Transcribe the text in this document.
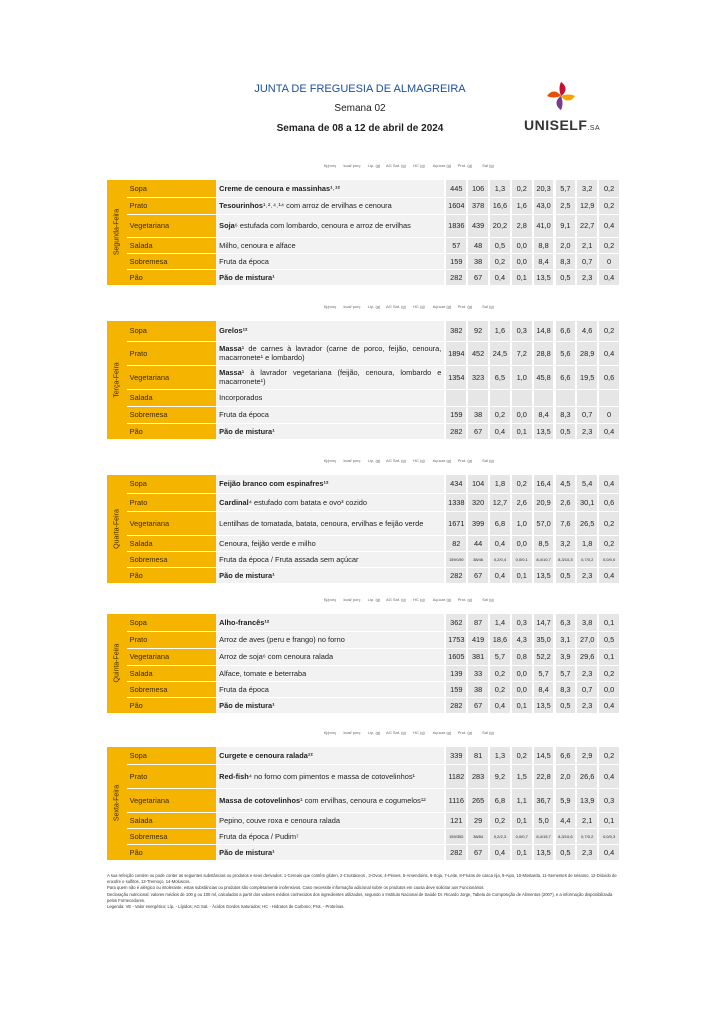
JUNTA DE FREGUESIA DE ALMAGREIRA
Semana 02
Semana de 08 a 12 de abril de 2024	UNISELF.SA
Kj/porç	kcal/ porç	Líp. (g)	AG Sat. (g)	HC (g)	Açúcar (g)	Prot. (g)	Sal (g)
Segunda-Feira	Sopa	Creme de cenoura e massinhas¹˒¹²		445		106		1,3		0,2		20,3		5,7		3,2		0,2
	Prato	Tesourinhos¹˒²˒⁴˒¹⁴ com arroz de ervilhas e cenoura		1604		378		16,6		1,6		43,0		2,5		12,9		0,2
	Vegetariana	Soja⁶ estufada com lombardo, cenoura e arroz de ervilhas		1836		439		20,2		2,8		41,0		9,1		22,7		0,4
	Salada	Milho, cenoura e alface		57		48		0,5		0,0		8,8		2,0		2,1		0,2
	Sobremesa	Fruta da época		159		38		0,2		0,0		8,4		8,3		0,7		0
	Pão	Pão de mistura¹		282		67		0,4		0,1		13,5		0,5		2,3		0,4
Kj/porç	kcal/ porç	Líp. (g)	AG Sat. (g)	HC (g)	Açúcar (g)	Prot. (g)	Sal (g)
Terça-Feira	Sopa	Grelos¹²		382		92		1,6		0,3		14,8		6,6		4,6		0,2
	Prato	Massa¹ de carnes à lavrador (carne de porco, feijão, cenoura, macarronete¹ e lombardo)		1894		452		24,5		7,2		28,8		5,6		28,9		0,4
	Vegetariana	Massa¹ à lavrador vegetariana (feijão, cenoura, lombardo e macarronete¹)		1354		323		6,5		1,0		45,8		6,6		19,5		0,6
	Salada	Incorporados																

	Sobremesa	Fruta da época		159		38		0,2		0,0		8,4		8,3		0,7		0
	Pão	Pão de mistura¹		282		67		0,4		0,1		13,5		0,5		2,3		0,4
Kj/porç	kcal/ porç	Líp. (g)	AG Sat. (g)	HC (g)	Açúcar (g)	Prot. (g)	Sal (g)
Quarta-Feira	Sopa	Feijão branco com espinafres¹²		434		104		1,8		0,2		16,4		4,5		5,4		0,4
	Prato	Cardinal⁴ estufado com batata e ovo³ cozido		1338		320		12,7		2,6		20,9		2,6		30,1		0,6
	Vegetariana	Lentilhas de tomatada, batata, cenoura, ervilhas e feijão verde		1671		399		6,8		1,0		57,0		7,6		26,5		0,2
	Salada	Cenoura, feijão verde e milho		82		44		0,4		0,0		8,5		3,2		1,8		0,2
	Sobremesa	Fruta da época / Fruta assada sem açúcar		159/190		38/46		0,2/0,4		0,0/0,1		8,4/10,7		8,3/10,3		0,7/0,2		0,0/0,0
	Pão	Pão de mistura¹		282		67		0,4		0,1		13,5		0,5		2,3		0,4
Kj/porç	kcal/ porç	Líp. (g)	AG Sat. (g)	HC (g)	Açúcar (g)	Prot. (g)	Sal (g)
Quinta-Feira	Sopa	Alho-francês¹²		362		87		1,4		0,3		14,7		6,3		3,8		0,1
	Prato	Arroz de aves (peru e frango) no forno		1753		419		18,6		4,3		35,0		3,1		27,0		0,5
	Vegetariana	Arroz de soja⁶ com cenoura ralada		1605		381		5,7		0,8		52,2		3,9		29,6		0,1
	Salada	Alface, tomate e beterraba		139		33		0,2		0,0		5,7		5,7		2,3		0,2
	Sobremesa	Fruta da época		159		38		0,2		0,0		8,4		8,3		0,7		0,0
	Pão	Pão de mistura¹		282		67		0,4		0,1		13,5		0,5		2,3		0,4
Kj/porç	kcal/ porç	Líp. (g)	AG Sat. (g)	HC (g)	Açúcar (g)	Prot. (g)	Sal (g)
Sexta-Feira	Sopa	Curgete e cenoura ralada¹²		339		81		1,3		0,2		14,5		6,6		2,9		0,2
	Prato	Red-fish⁴ no forno com pimentos e massa de cotovelinhos¹		1182		283		9,2		1,5		22,8		2,0		26,6		0,4
	Vegetariana	Massa de cotovelinhos¹ com ervilhas, cenoura e cogumelos¹²		1116		265		6,8		1,1		36,7		5,9		13,9		0,3
	Salada	Pepino, couve roxa e cenoura ralada		121		29		0,2		0,1		5,0		4,4		2,1		0,1
	Sobremesa	Fruta da época / Pudim⁷		159/352		38/84		0,2/2,3		0,0/0,7		8,4/15,7		8,3/10,6		0,7/0,2		0,0/0,3
	Pão	Pão de mistura¹		282		67		0,4		0,1		13,5		0,5		2,3		0,4
A sua refeição contém ou pode conter as seguintes substâncias ou produtos e seus derivados: 1-Cereais que contêm glúten, 2-Crustáceos , 3-Ovos, 4-Peixes, 5-Amendoins, 6-Soja, 7-Leite, 8-Frutos de casca rija, 9-Aipo, 10-Mostarda, 11-Sementes de sésamo, 12-Dióxido de enxofre e sulfitos, 13-Tremoço, 14-Moluscos.
Para quem não é alérgico ou intolerante, estas substâncias ou produtos são completamente inofensivos. Caso necessite informação adicional sobre os produtos em causa deve solicitar aos Funcionários.
Declaração nutricional: valores médios de 100 g ou 100 ml, calculados a partir dos valores médios conhecidos dos ingredientes utilizados, segundo o Instituto Nacional de Saúde Dr. Ricardo Jorge, Tabela de Composição de Alimentos (2007), e a informação disponibilizada pelos Fornecedores.
Legenda: VE - Valor energético; Líp. - Lípidos; AG Sat. - Ácidos Gordos Saturados; HC - Hidratos de Carbono; Prot. - Proteínas.
